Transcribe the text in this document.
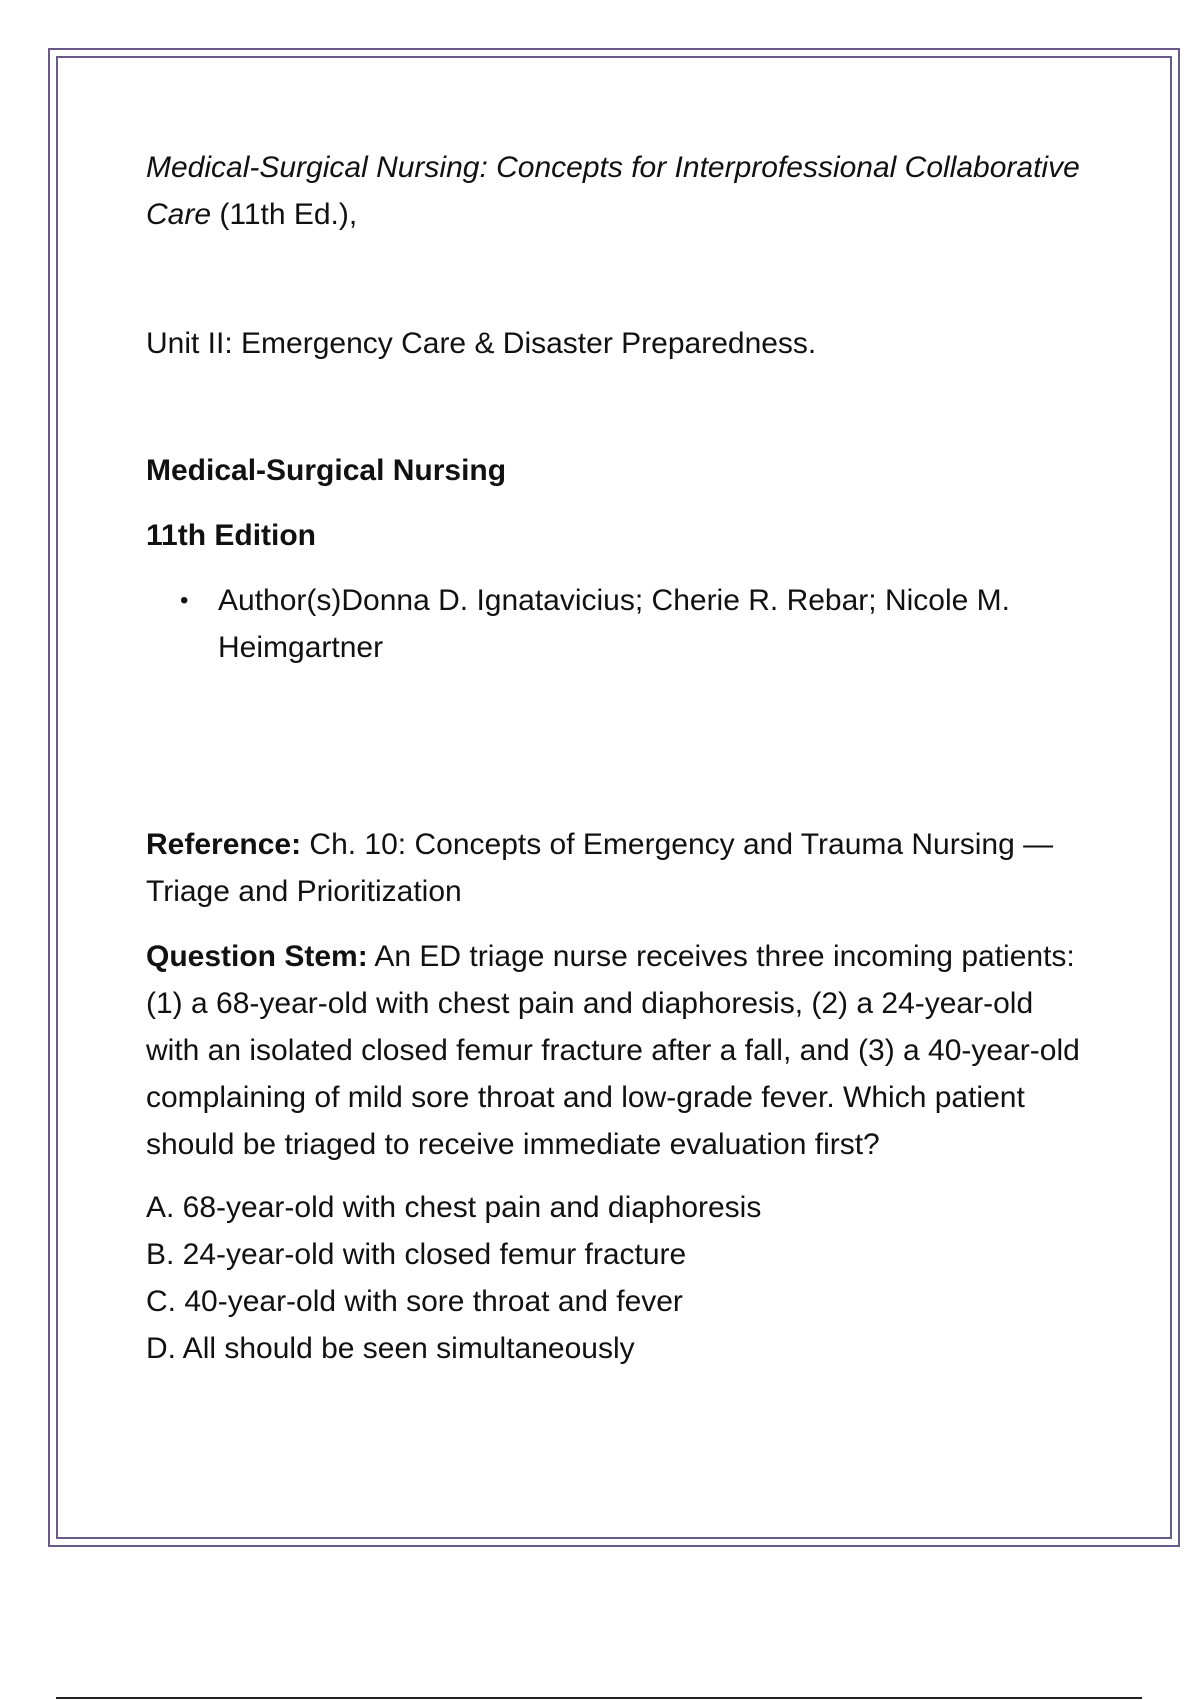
Medical-Surgical Nursing: Concepts for Interprofessional Collaborative Care (11th Ed.),

Unit II: Emergency Care & Disaster Preparedness.

Medical-Surgical Nursing

11th Edition

• Author(s)Donna D. Ignatavicius; Cherie R. Rebar; Nicole M. Heimgartner

Reference: Ch. 10: Concepts of Emergency and Trauma Nursing — Triage and Prioritization

Question Stem: An ED triage nurse receives three incoming patients: (1) a 68-year-old with chest pain and diaphoresis, (2) a 24-year-old with an isolated closed femur fracture after a fall, and (3) a 40-year-old complaining of mild sore throat and low-grade fever. Which patient should be triaged to receive immediate evaluation first?

A. 68-year-old with chest pain and diaphoresis
B. 24-year-old with closed femur fracture
C. 40-year-old with sore throat and fever
D. All should be seen simultaneously
